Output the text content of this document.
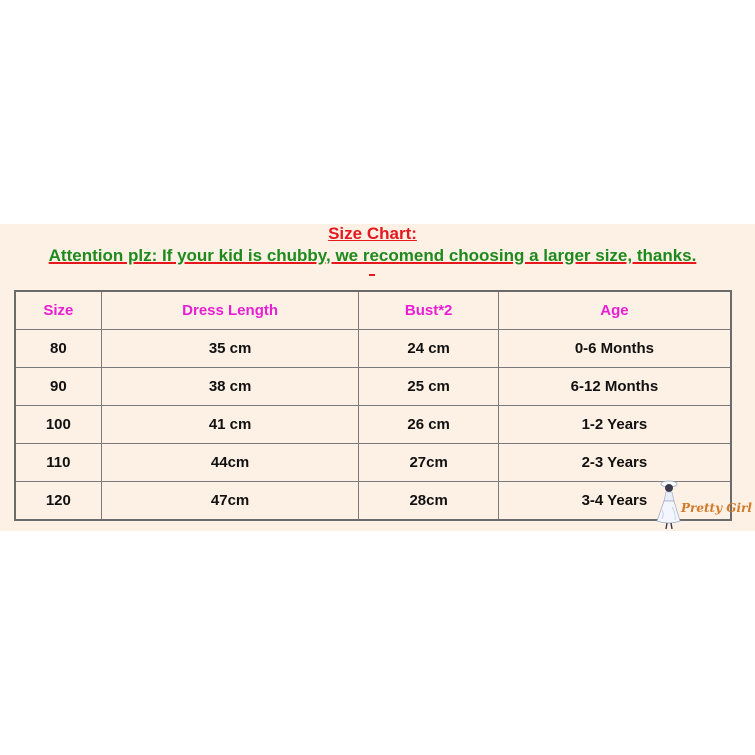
Size Chart:
Attention plz: If your kid is chubby, we recomend choosing a larger size, thanks.
Size	Dress Length	Bust*2	Age
80	35 cm	24 cm	0-6 Months
90	38 cm	25 cm	6-12 Months
100	41 cm	26 cm	1-2 Years
110	44cm	27cm	2-3 Years
120	47cm	28cm	3-4 Years	Pretty Girl
